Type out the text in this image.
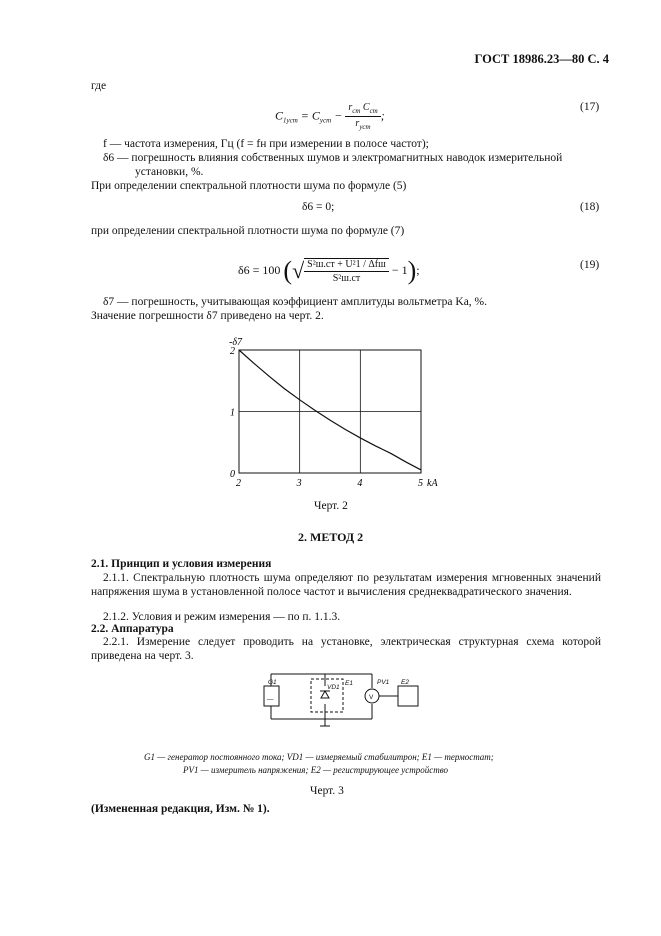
ГОСТ 18986.23—80 С. 4
где
$C_{1уст} = C_{уст} - \frac{r_{ст} C_{ст}}{r_{уст}}$ ;
(17)
f — частота измерения, Гц (f = fн при измерении в полосе частот);
δ6 — погрешность влияния собственных шумов и электромагнитных наводок измерительной
установки, %.
При определении спектральной плотности шума по формуле (5)
δ6 = 0;	(18)
при определении спектральной плотности шума по формуле (7)
δ6 = 100 (√ $\frac{\text{S²ш.ст + U²1 / Δfш}}{\text{S²ш.ст}} - 1$);	(19)
δ7 — погрешность, учитывающая коэффициент амплитуды вольтметра Kа, %.
Значение погрешности δ7 приведено на черт. 2.
2	3	4	5
0
1
2
-δ7
kА
Черт. 2
2. МЕТОД 2
2.1. Принцип и условия измерения
2.1.1. Спектральную плотность шума определяют по результатам измерения мгновенных значений напряжения шума в установленной полосе частот и вычисления среднеквадратического значения.
2.1.2. Условия и режим измерения — по п. 1.1.3.
2.2. Аппаратура
2.2.1. Измерение следует проводить на установке, электрическая структурная схема которой приведена на черт. 3.
G1
—
E1
VD1
PV1
V
E2
G1 — генератор постоянного тока; VD1 — измеряемый стабилитрон; E1 — термостат;
PV1 — измеритель напряжения; E2 — регистрирующее устройство
Черт. 3
(Измененная редакция, Изм. № 1).
